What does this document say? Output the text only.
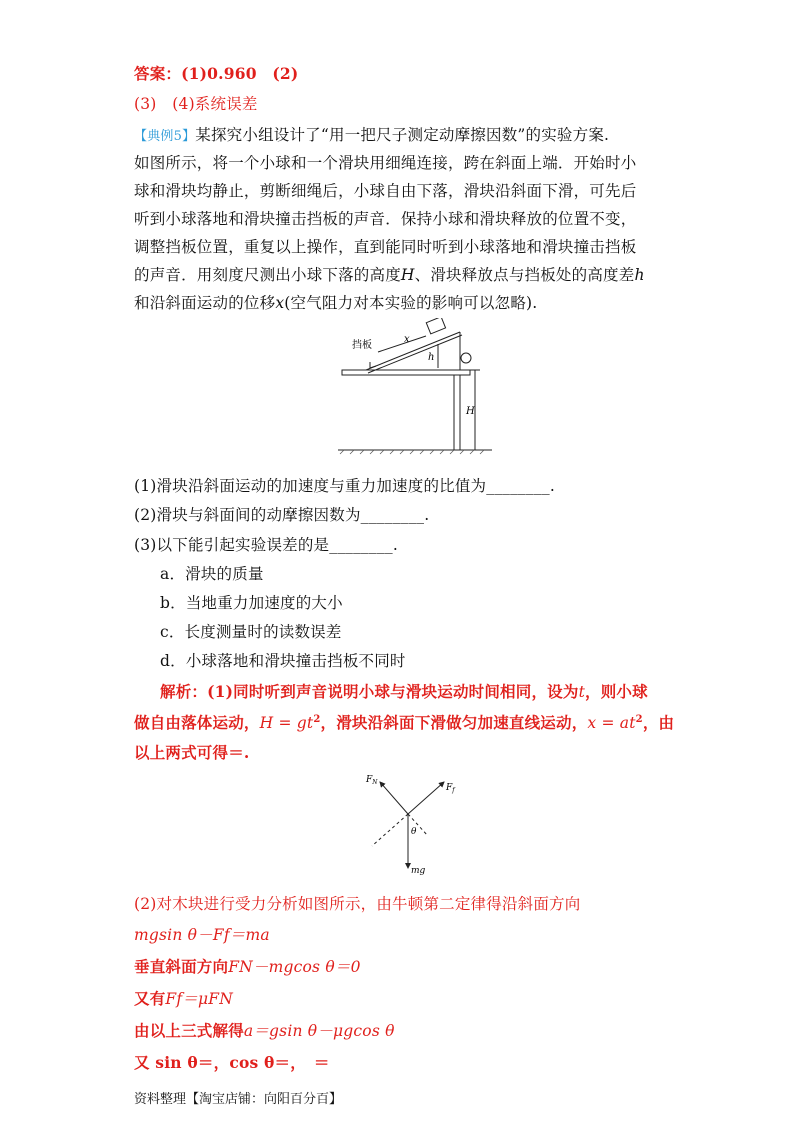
答案：(1)0.960　(2)
(3)　(4)系统误差
【典例5】某探究小组设计了“用一把尺子测定动摩擦因数”的实验方案.
如图所示，将一个小球和一个滑块用细绳连接，跨在斜面上端．开始时小
球和滑块均静止，剪断细绳后，小球自由下落，滑块沿斜面下滑，可先后
听到小球落地和滑块撞击挡板的声音．保持小球和滑块释放的位置不变，
调整挡板位置，重复以上操作，直到能同时听到小球落地和滑块撞击挡板
的声音．用刻度尺测出小球下落的高度H、滑块释放点与挡板处的高度差h
和沿斜面运动的位移x(空气阻力对本实验的影响可以忽略).
挡板
x
h
H
(1)滑块沿斜面运动的加速度与重力加速度的比值为________.
(2)滑块与斜面间的动摩擦因数为________.
(3)以下能引起实验误差的是________.
a．滑块的质量
b．当地重力加速度的大小
c．长度测量时的读数误差
d．小球落地和滑块撞击挡板不同时
解析：(1)同时听到声音说明小球与滑块运动时间相同，设为t，则小球
做自由落体运动，$H = gt^2$，滑块沿斜面下滑做匀加速直线运动，$x = at^2$，由
以上两式可得＝.
$F_N$
$F_f$
θ
mg
(2)对木块进行受力分析如图所示，由牛顿第二定律得沿斜面方向
mgsin θ－Ff＝ma
垂直斜面方向FN－mgcos θ＝0
又有Ff＝μFN
由以上三式解得a＝gsin θ－μgcos θ
又 sin θ＝，cos θ＝，　＝
资料整理【淘宝店铺：向阳百分百】
